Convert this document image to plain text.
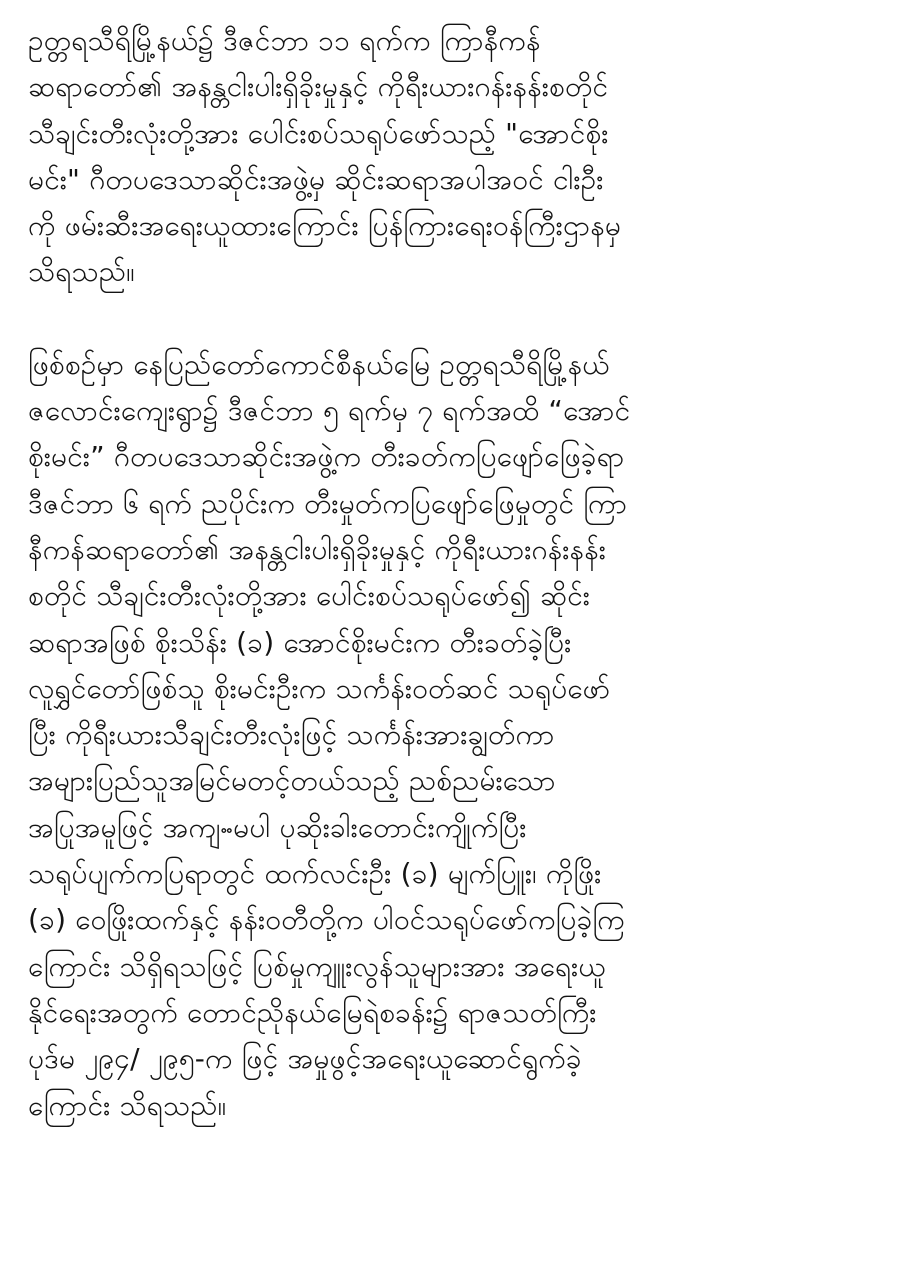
ဥတ္တရသီရိမြို့နယ်၌ ဒီဇင်ဘာ ၁၁ ရက်က ကြာနီကန်
ဆရာတော်၏ အနန္တငါးပါးရှိခိုးမှုနှင့် ကိုရီးယားဂန်းနန်းစတိုင်
သီချင်းတီးလုံးတို့အား ပေါင်းစပ်သရုပ်ဖော်သည့် "အောင်စိုး
မင်း" ဂီတပဒေသာဆိုင်းအဖွဲ့မှ ဆိုင်းဆရာအပါအဝင် ငါးဦး
ကို ဖမ်းဆီးအရေးယူထားကြောင်း ပြန်ကြားရေးဝန်ကြီးဌာနမှ
သိရသည်။

ဖြစ်စဉ်မှာ နေပြည်တော်ကောင်စီနယ်မြေ ဥတ္တရသီရိမြို့နယ်
ဇလောင်းကျေးရွာ၌ ဒီဇင်ဘာ ၅ ရက်မှ ၇ ရက်အထိ “အောင်
စိုးမင်း” ဂီတပဒေသာဆိုင်းအဖွဲ့က တီးခတ်ကပြဖျော်ဖြေခဲ့ရာ
ဒီဇင်ဘာ ၆ ရက် ညပိုင်းက တီးမှုတ်ကပြဖျော်ဖြေမှုတွင် ကြာ
နီကန်ဆရာတော်၏ အနန္တငါးပါးရှိခိုးမှုနှင့် ကိုရီးယားဂန်းနန်း
စတိုင် သီချင်းတီးလုံးတို့အား ပေါင်းစပ်သရုပ်ဖော်၍ ဆိုင်း
ဆရာအဖြစ် စိုးသိန်း (ခ) အောင်စိုးမင်းက တီးခတ်ခဲ့ပြီး
လူရွှင်တော်ဖြစ်သူ စိုးမင်းဦးက သင်္ကန်းဝတ်ဆင် သရုပ်ဖော်
ပြီး ကိုရီးယားသီချင်းတီးလုံးဖြင့် သင်္ကန်းအားချွတ်ကာ
အများပြည်သူအမြင်မတင့်တယ်သည့် ညစ်ညမ်းသော
အပြုအမူဖြင့် အကျႌမပါ ပုဆိုးခါးတောင်းကျိုက်ပြီး
သရုပ်ပျက်ကပြရာတွင် ထက်လင်းဦး (ခ) မျက်ပြူး၊ ကိုဖြိုး
(ခ) ဝေဖြိုးထက်နှင့် နန်းဝတီတို့က ပါဝင်သရုပ်ဖော်ကပြခဲ့ကြ
ကြောင်း သိရှိရသဖြင့် ပြစ်မှုကျူးလွန်သူများအား အရေးယူ
နိုင်ရေးအတွက် တောင်ညိုနယ်မြေရဲစခန်း၌ ရာဇသတ်ကြီး
ပုဒ်မ ၂၉၄/ ၂၉၅-က ဖြင့် အမှုဖွင့်အရေးယူဆောင်ရွက်ခဲ့
ကြောင်း သိရသည်။
